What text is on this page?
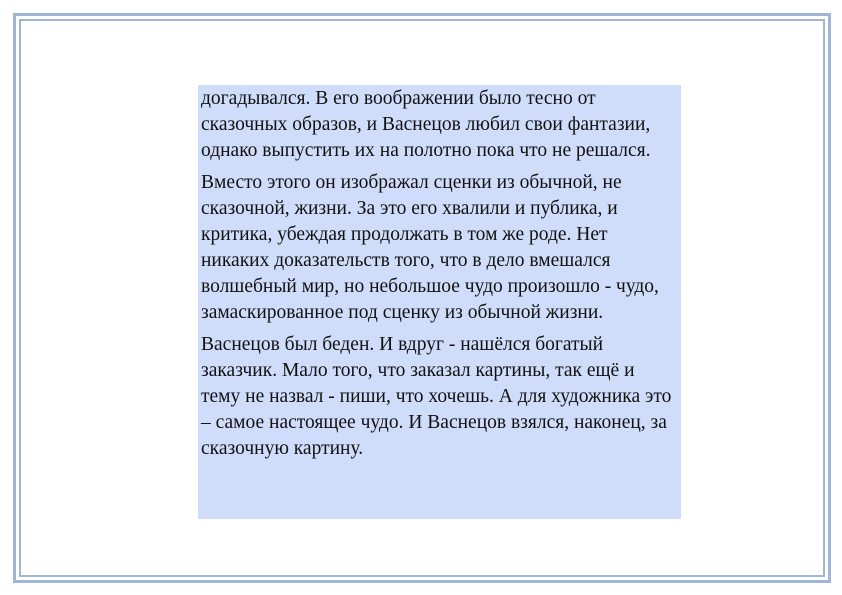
догадывался. В его воображении было тесно от сказочных образов, и Васнецов любил свои фантазии, однако выпустить их на полотно пока что не решался.

Вместо этого он изображал сценки из обычной, не сказочной, жизни. За это его хвалили и публика, и критика, убеждая продолжать в том же роде. Нет никаких доказательств того, что в дело вмешался волшебный мир, но небольшое чудо произошло - чудо, замаскированное под сценку из обычной жизни.

Васнецов был беден. И вдруг - нашёлся богатый заказчик. Мало того, что заказал картины, так ещё и тему не назвал - пиши, что хочешь. А для художника это – самое настоящее чудо. И Васнецов взялся, наконец, за сказочную картину.
